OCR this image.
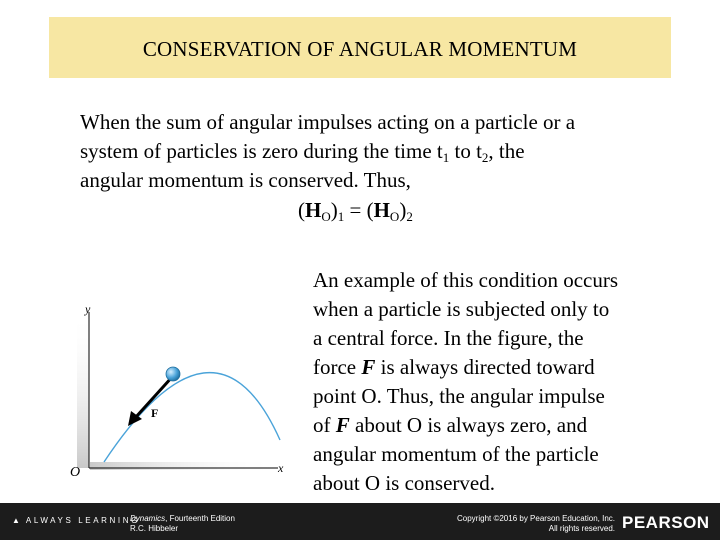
CONSERVATION OF ANGULAR MOMENTUM
When the sum of angular impulses acting on a particle or a
system of particles is zero during the time $t_1$ to $t_2$, the
angular momentum is conserved. Thus,
$(H_O)_1 = (H_O)_2$
An example of this condition occurs
when a particle is subjected only to
a central force. In the figure, the
force F is always directed toward
point O. Thus, the angular impulse
of F about O is always zero, and
angular momentum of the particle
about O is conserved.
y
x
O
F
▲ ALWAYS LEARNING
Dynamics, Fourteenth Edition
R.C. Hibbeler
Copyright ©2016 by Pearson Education, Inc.
All rights reserved. PEARSON
